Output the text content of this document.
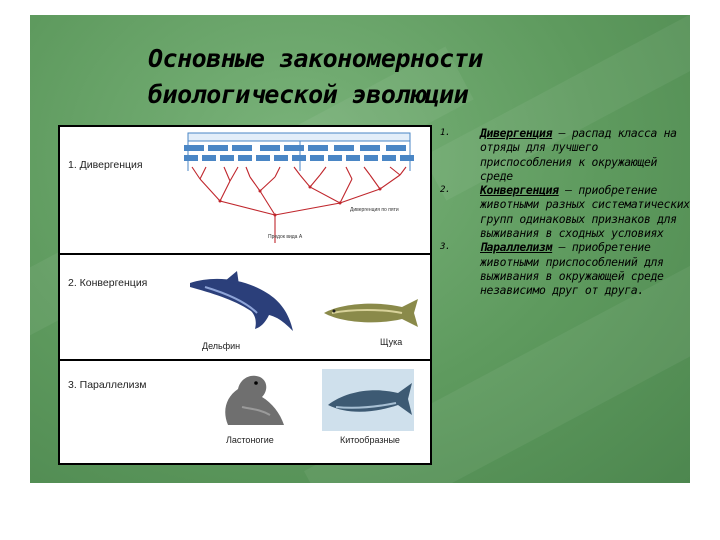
Основные закономерности
биологической эволюции
1. Дивергенция
Предок вида А
Дивергенция по пяти
2. Конвергенция
Дельфин	Щука
3. Параллелизм
Ластоногие	Китообразные
1.	Дивергенция – распад класса на отряды для лучшего приспособления к окружающей среде
2.	Конвергенция – приобретение животными разных систематических групп одинаковых признаков для выживания в сходных условиях
3.	Параллелизм – приобретение животными приспособлений для выживания в окружающей среде независимо друг от друга.
